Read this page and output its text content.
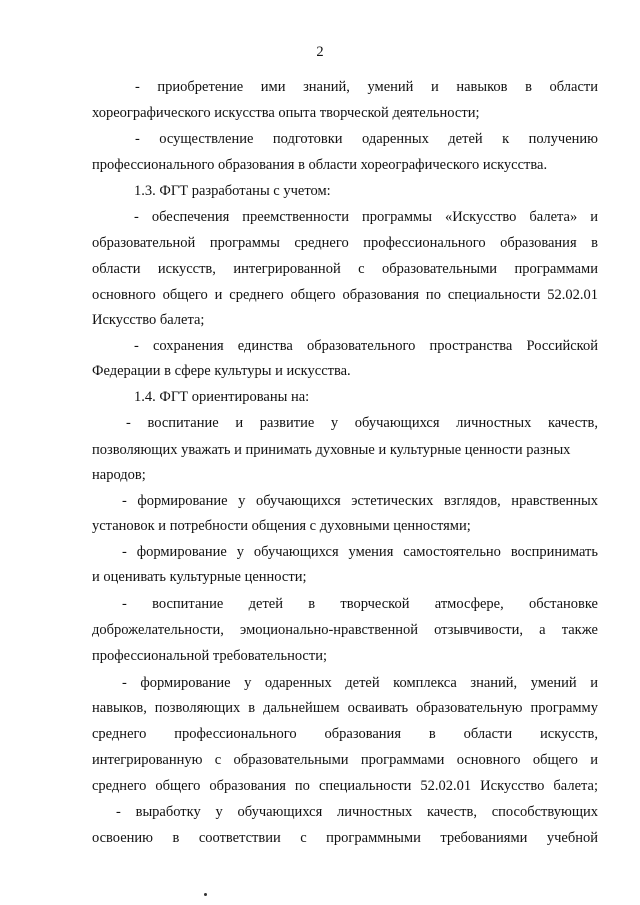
2
- приобретение ими знаний, умений и навыков в области
хореографического искусства опыта творческой деятельности;
- осуществление подготовки одаренных детей к получению
профессионального образования в области хореографического искусства.
1.3. ФГТ разработаны с учетом:
- обеспечения преемственности программы «Искусство балета» и
образовательной программы среднего профессионального образования в
области искусств, интегрированной с образовательными программами
основного общего и среднего общего образования по специальности 52.02.01
Искусство балета;
- сохранения единства образовательного пространства Российской
Федерации в сфере культуры и искусства.
1.4. ФГТ ориентированы на:
- воспитание и развитие у обучающихся личностных качеств,
позволяющих уважать и принимать духовные и культурные ценности разных
народов;
- формирование у обучающихся эстетических взглядов, нравственных
установок и потребности общения с духовными ценностями;
- формирование у обучающихся умения самостоятельно воспринимать
и оценивать культурные ценности;
- воспитание детей в творческой атмосфере, обстановке
доброжелательности, эмоционально-нравственной отзывчивости, а также
профессиональной требовательности;
- формирование у одаренных детей комплекса знаний, умений и
навыков, позволяющих в дальнейшем осваивать образовательную программу
среднего профессионального образования в области искусств,
интегрированную с образовательными программами основного общего и
среднего общего образования по специальности 52.02.01 Искусство балета;
- выработку у обучающихся личностных качеств, способствующих
освоению в соответствии с программными требованиями учебной
